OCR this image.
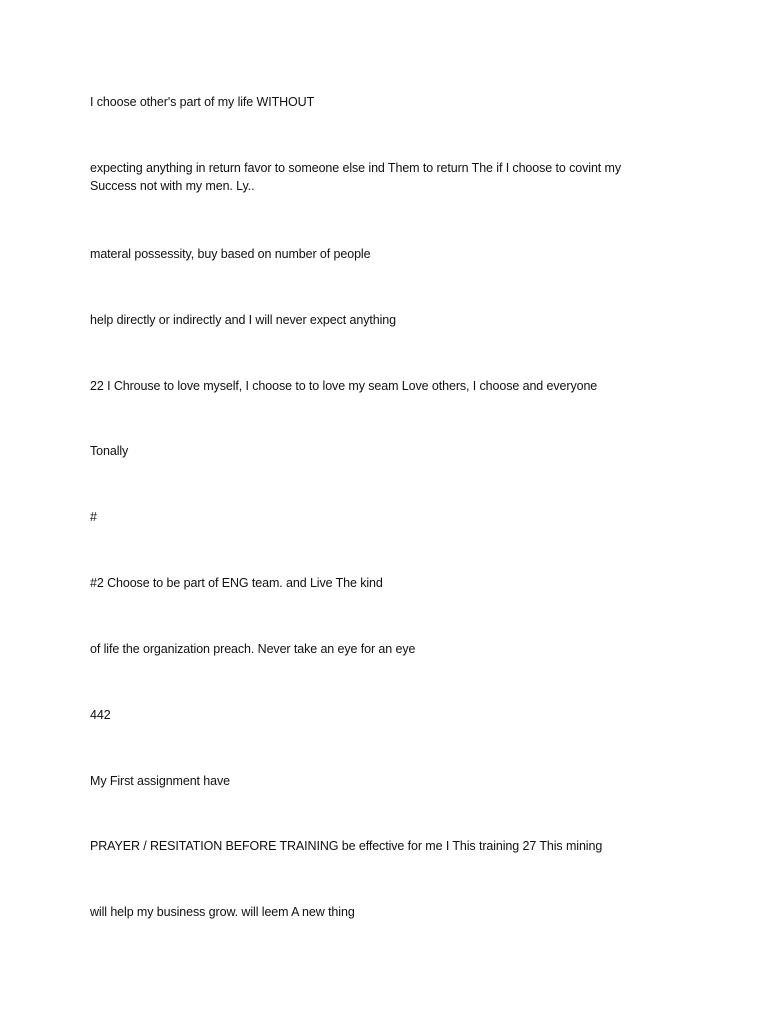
I choose other's part of my life WITHOUT

expecting anything in return favor to someone else ind Them to return The if I choose to covint my Success not with my men. Ly..

materal possessity, buy based on number of people

help directly or indirectly and I will never expect anything

22 I Chrouse to love myself, I choose to to love my seam Love others, I choose and everyone

Tonally

#

#2 Choose to be part of ENG team. and Live The kind

of life the organization preach. Never take an eye for an eye

442

My First assignment have

PRAYER / RESITATION BEFORE TRAINING be effective for me I This training 27 This mining

will help my business grow. will leem A new thing
